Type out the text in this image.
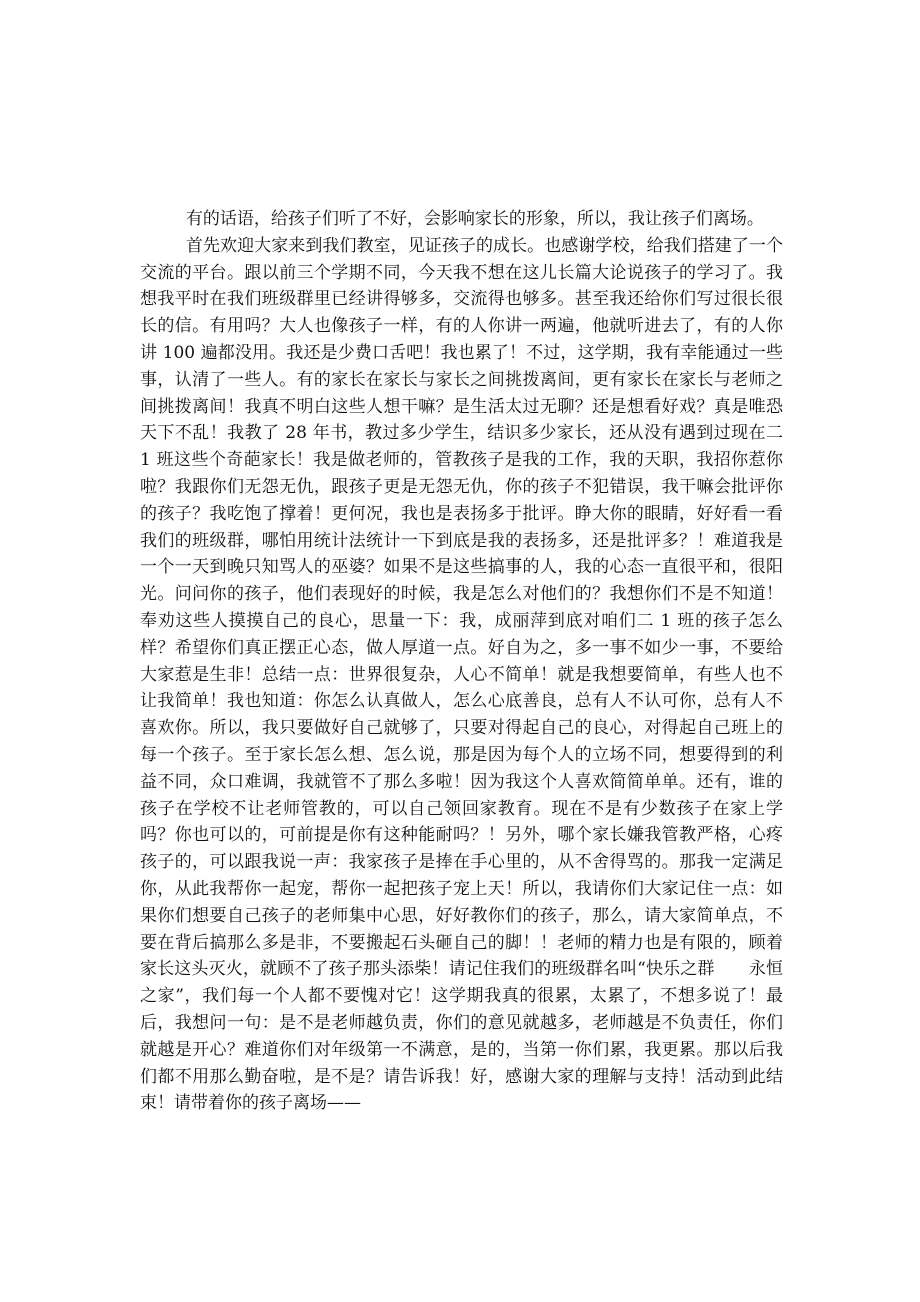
有的话语，给孩子们听了不好，会影响家长的形象，所以，我让孩子们离场。

首先欢迎大家来到我们教室，见证孩子的成长。也感谢学校，给我们搭建了一个交流的平台。跟以前三个学期不同，今天我不想在这儿长篇大论说孩子的学习了。我想我平时在我们班级群里已经讲得够多，交流得也够多。甚至我还给你们写过很长很长的信。有用吗？大人也像孩子一样，有的人你讲一两遍，他就听进去了，有的人你讲 100 遍都没用。我还是少费口舌吧！我也累了！不过，这学期，我有幸能通过一些事，认清了一些人。有的家长在家长与家长之间挑拨离间，更有家长在家长与老师之间挑拨离间！我真不明白这些人想干嘛？是生活太过无聊？还是想看好戏？真是唯恐天下不乱！我教了 28 年书，教过多少学生，结识多少家长，还从没有遇到过现在二 1 班这些个奇葩家长！我是做老师的，管教孩子是我的工作，我的天职，我招你惹你啦？我跟你们无怨无仇，跟孩子更是无怨无仇，你的孩子不犯错误，我干嘛会批评你的孩子？我吃饱了撑着！更何况，我也是表扬多于批评。睁大你的眼睛，好好看一看我们的班级群，哪怕用统计法统计一下到底是我的表扬多，还是批评多？！难道我是一个一天到晚只知骂人的巫婆？如果不是这些搞事的人，我的心态一直很平和，很阳光。问问你的孩子，他们表现好的时候，我是怎么对他们的？我想你们不是不知道！奉劝这些人摸摸自己的良心，思量一下：我，成丽萍到底对咱们二 1 班的孩子怎么样？希望你们真正摆正心态，做人厚道一点。好自为之，多一事不如少一事，不要给大家惹是生非！总结一点：世界很复杂，人心不简单！就是我想要简单，有些人也不让我简单！我也知道：你怎么认真做人，怎么心底善良，总有人不认可你，总有人不喜欢你。所以，我只要做好自己就够了，只要对得起自己的良心，对得起自己班上的每一个孩子。至于家长怎么想、怎么说，那是因为每个人的立场不同，想要得到的利益不同，众口难调，我就管不了那么多啦！因为我这个人喜欢简简单单。还有，谁的孩子在学校不让老师管教的，可以自己领回家教育。现在不是有少数孩子在家上学吗？你也可以的，可前提是你有这种能耐吗？！另外，哪个家长嫌我管教严格，心疼孩子的，可以跟我说一声：我家孩子是捧在手心里的，从不舍得骂的。那我一定满足你，从此我帮你一起宠，帮你一起把孩子宠上天！所以，我请你们大家记住一点：如果你们想要自己孩子的老师集中心思，好好教你们的孩子，那么，请大家简单点，不要在背后搞那么多是非，不要搬起石头砸自己的脚！！老师的精力也是有限的，顾着家长这头灭火，就顾不了孩子那头添柴！请记住我们的班级群名叫“快乐之群　　永恒之家”，我们每一个人都不要愧对它！这学期我真的很累，太累了，不想多说了！最后，我想问一句：是不是老师越负责，你们的意见就越多，老师越是不负责任，你们就越是开心？难道你们对年级第一不满意，是的，当第一你们累，我更累。那以后我们都不用那么勤奋啦，是不是？请告诉我！好，感谢大家的理解与支持！活动到此结束！请带着你的孩子离场——
